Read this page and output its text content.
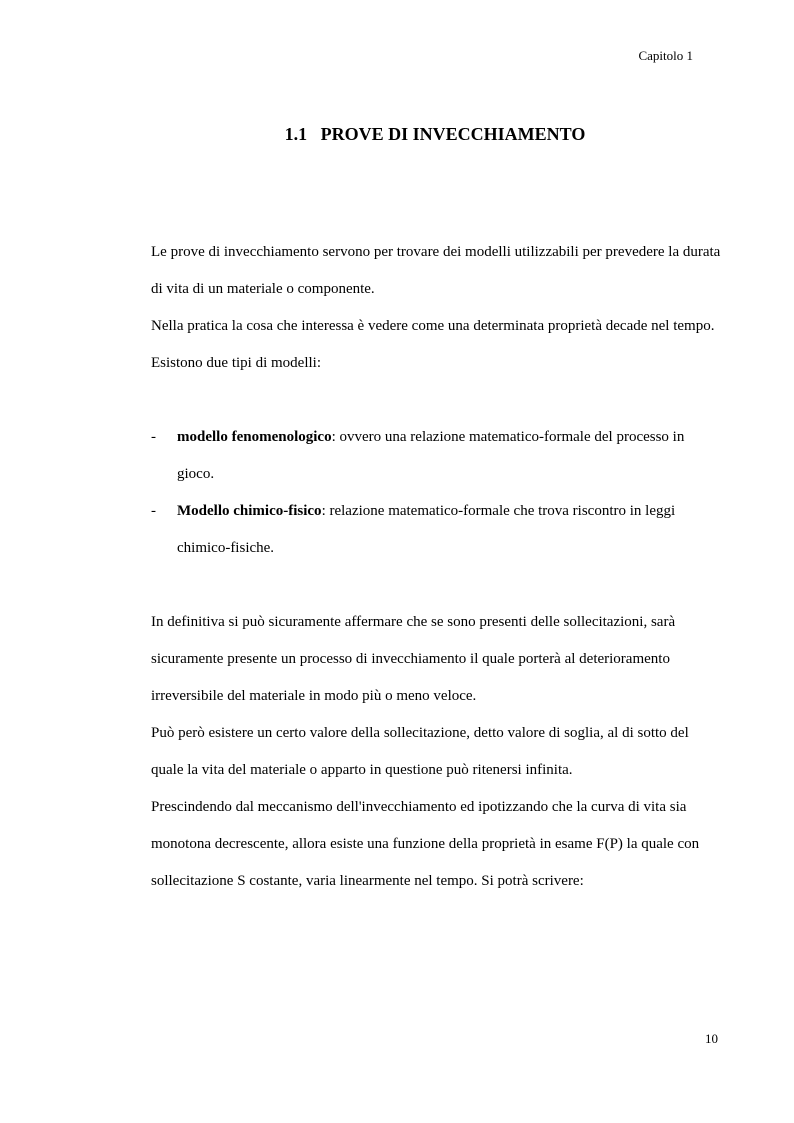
Capitolo 1
1.1   PROVE DI INVECCHIAMENTO

Le prove di invecchiamento servono per trovare dei modelli utilizzabili per prevedere la durata di vita di un materiale o componente.

Nella pratica la cosa che interessa è vedere come una determinata proprietà decade nel tempo.

Esistono due tipi di modelli:

- modello fenomenologico: ovvero una relazione matematico-formale del processo in gioco.
- Modello chimico-fisico: relazione matematico-formale che trova riscontro in leggi chimico-fisiche.

In definitiva si può sicuramente affermare che se sono presenti delle sollecitazioni, sarà sicuramente presente un processo di invecchiamento il quale porterà al deterioramento irreversibile del materiale in modo più o meno veloce.

Può però esistere un certo valore della sollecitazione, detto valore di soglia, al di sotto del quale la vita del materiale o apparto in questione può ritenersi infinita.

Prescindendo dal meccanismo dell'invecchiamento ed ipotizzando che la curva di vita sia monotona decrescente, allora esiste una funzione della proprietà in esame F(P) la quale con sollecitazione S costante, varia linearmente nel tempo. Si potrà scrivere:

10
